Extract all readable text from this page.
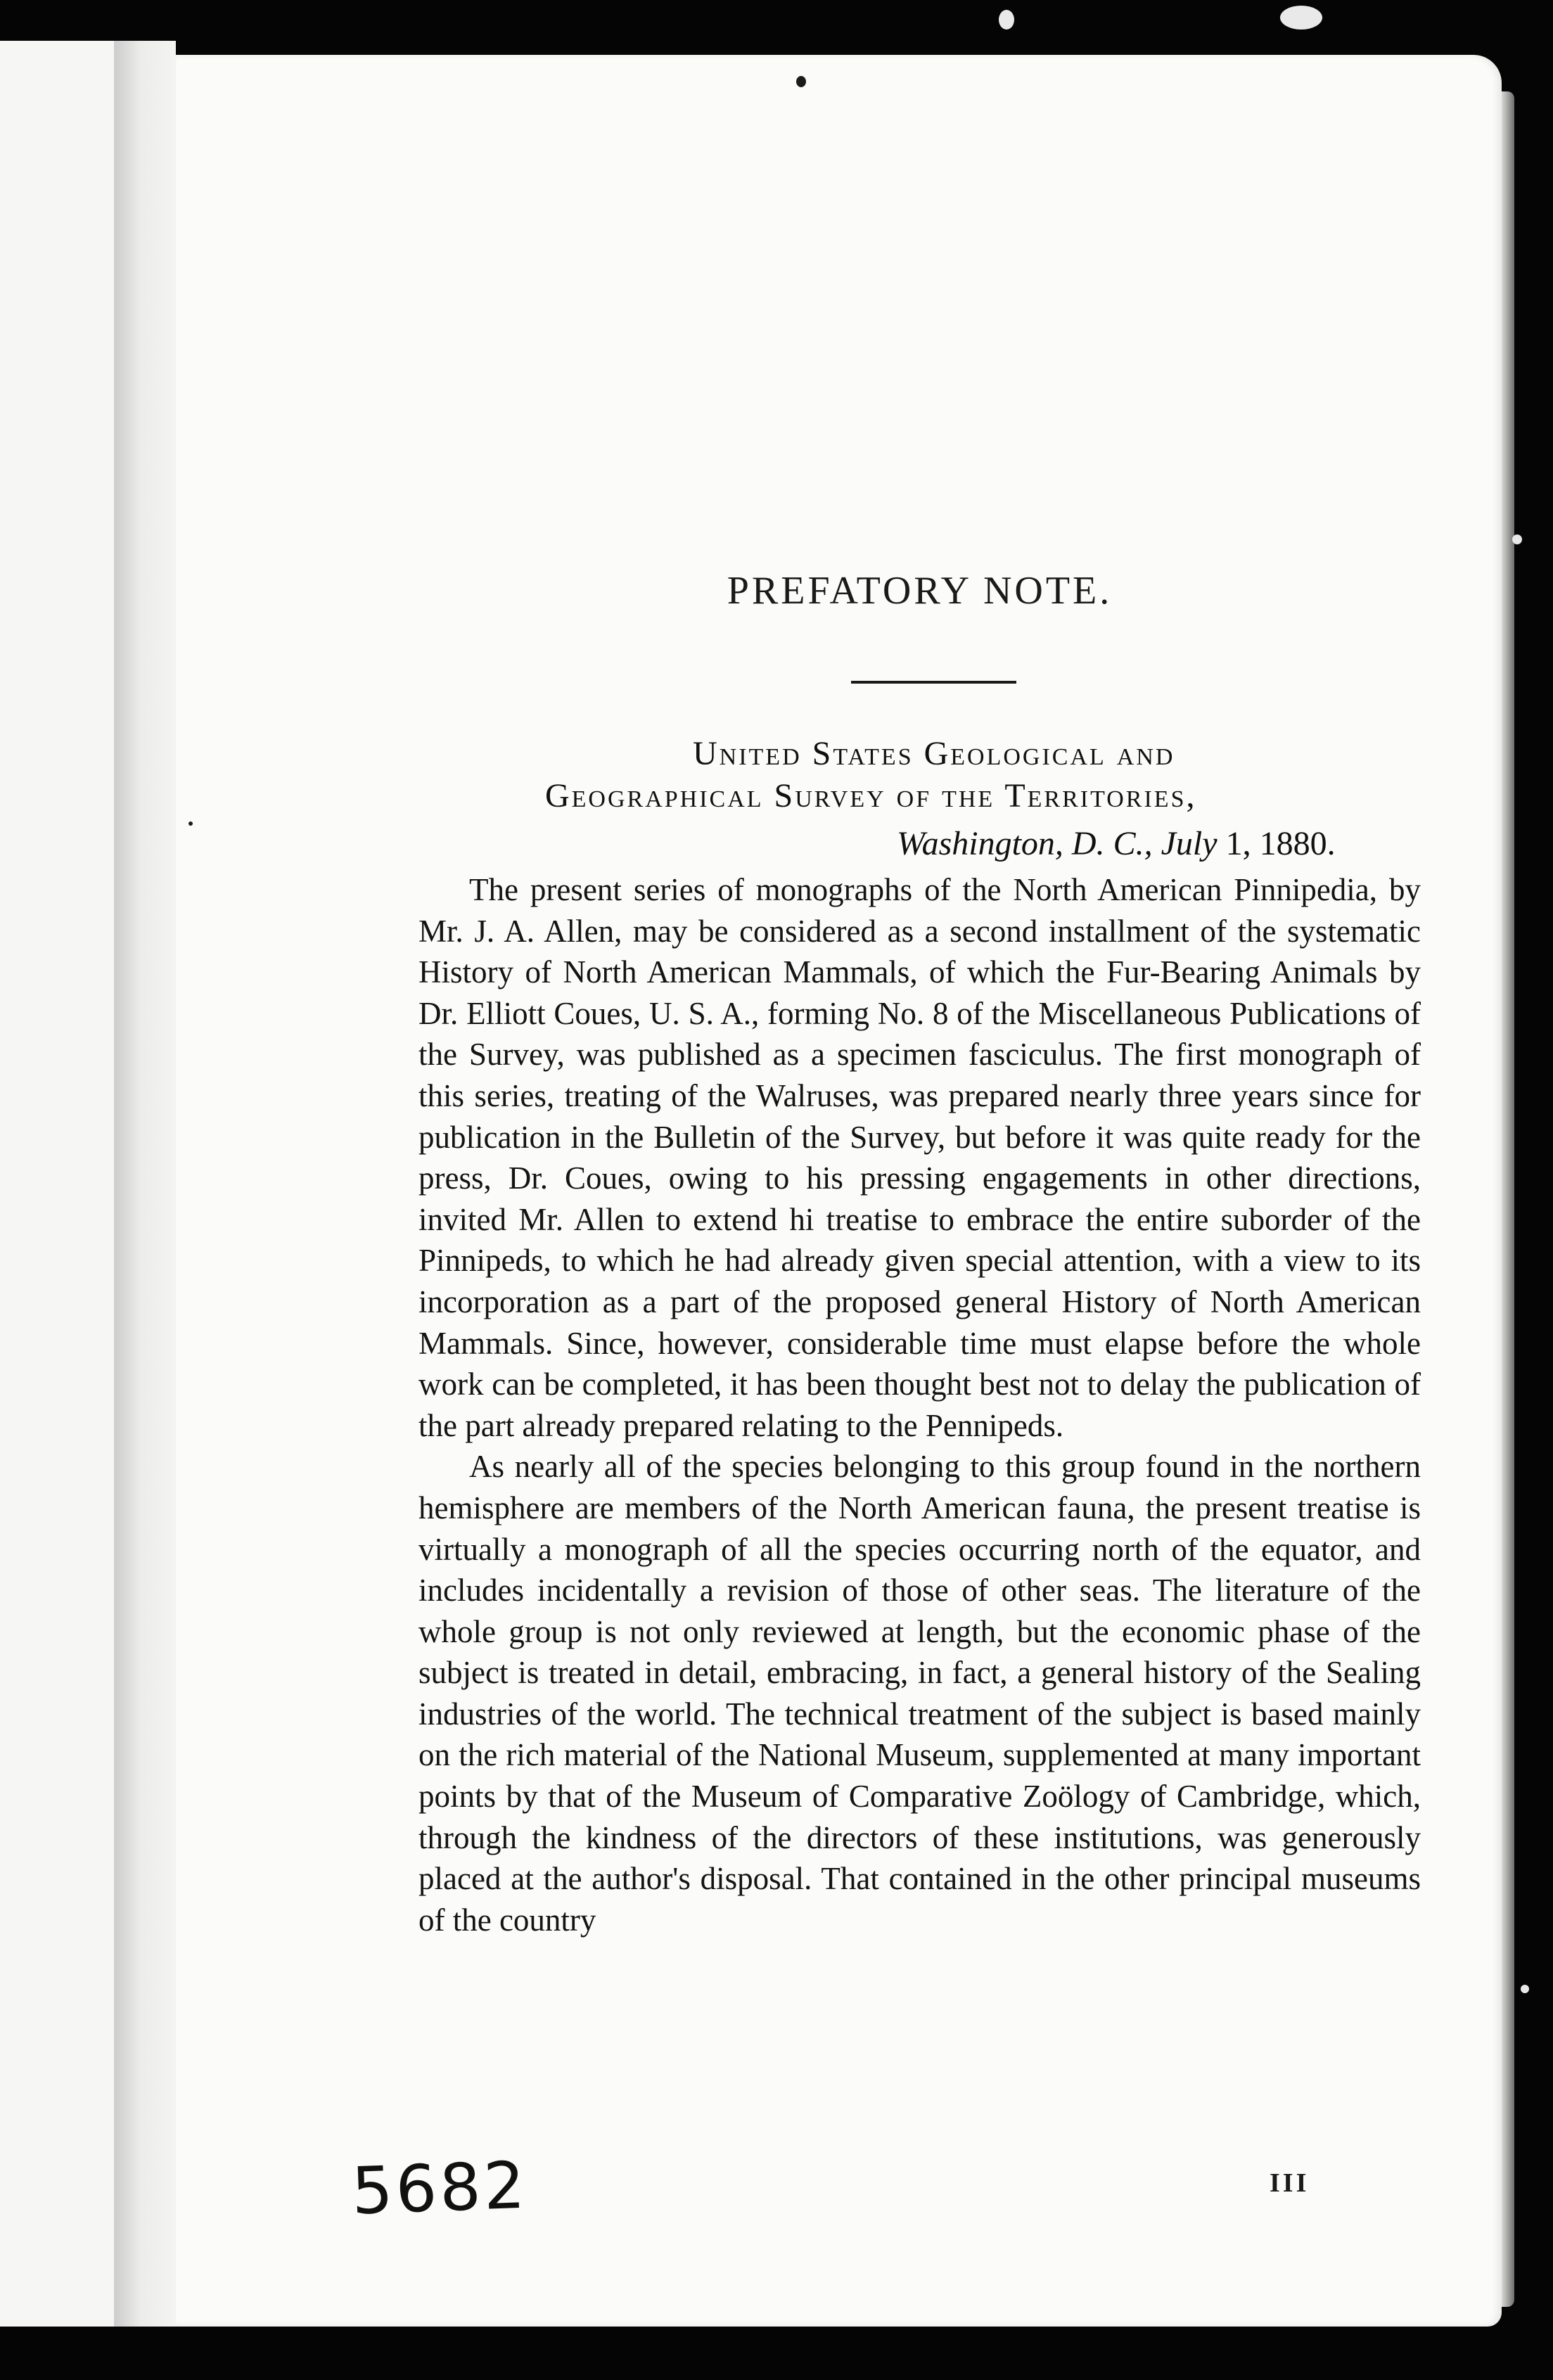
PREFATORY NOTE.
United States Geological and
Geographical Survey of the Territories,
Washington, D. C., July 1, 1880.

The present series of monographs of the North American Pinnipedia, by Mr. J. A. Allen, may be considered as a second installment of the systematic History of North American Mammals, of which the Fur-Bearing Animals by Dr. Elliott Coues, U. S. A., forming No. 8 of the Miscellaneous Publications of the Survey, was published as a specimen fasciculus. The first monograph of this series, treating of the Walruses, was prepared nearly three years since for publication in the Bulletin of the Survey, but before it was quite ready for the press, Dr. Coues, owing to his pressing engagements in other directions, invited Mr. Allen to extend hi treatise to embrace the entire suborder of the Pinnipeds, to which he had already given special attention, with a view to its incorporation as a part of the proposed general History of North American Mammals. Since, however, considerable time must elapse before the whole work can be completed, it has been thought best not to delay the publication of the part already prepared relating to the Pennipeds.

As nearly all of the species belonging to this group found in the northern hemisphere are members of the North American fauna, the present treatise is virtually a monograph of all the species occurring north of the equator, and includes incidentally a revision of those of other seas. The literature of the whole group is not only reviewed at length, but the economic phase of the subject is treated in detail, embracing, in fact, a general history of the Sealing industries of the world. The technical treatment of the subject is based mainly on the rich material of the National Museum, supplemented at many important points by that of the Museum of Comparative Zoölogy of Cambridge, which, through the kindness of the directors of these institutions, was generously placed at the author's disposal. That contained in the other principal museums of the country

III
5682
